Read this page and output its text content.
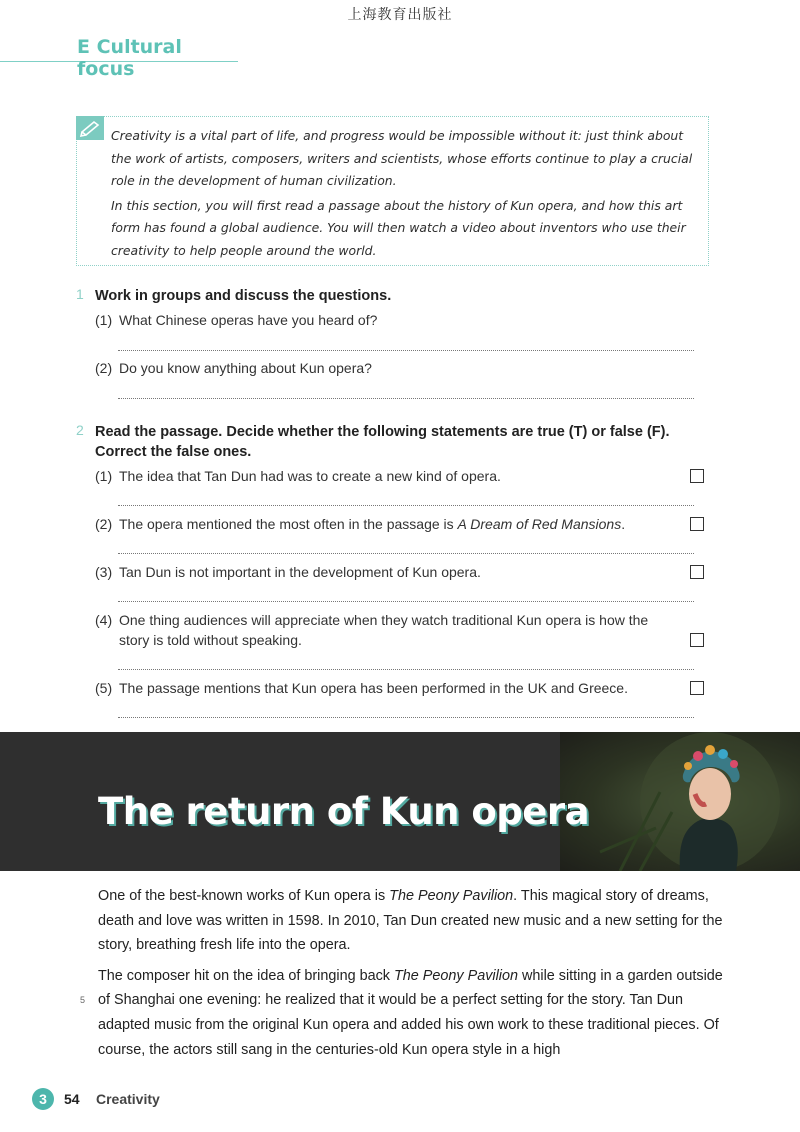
上海教育出版社
E Cultural focus

Creativity is a vital part of life, and progress would be impossible without it: just think about the work of artists, composers, writers and scientists, whose efforts continue to play a crucial role in the development of human civilization.

In this section, you will first read a passage about the history of Kun opera, and how this art form has found a global audience. You will then watch a video about inventors who use their creativity to help people around the world.

1 Work in groups and discuss the questions.
(1) What Chinese operas have you heard of?
(2) Do you know anything about Kun opera?
2 Read the passage. Decide whether the following statements are true (T) or false (F). Correct the false ones.
(1) The idea that Tan Dun had was to create a new kind of opera.
(2) The opera mentioned the most often in the passage is A Dream of Red Mansions.
(3) Tan Dun is not important in the development of Kun opera.
(4) One thing audiences will appreciate when they watch traditional Kun opera is how the story is told without speaking.
(5) The passage mentions that Kun opera has been performed in the UK and Greece.
The return of Kun opera

One of the best-known works of Kun opera is The Peony Pavilion. This magical story of dreams, death and love was written in 1598. In 2010, Tan Dun created new music and a new setting for the story, breathing fresh life into the opera.

The composer hit on the idea of bringing back The Peony Pavilion while sitting in a garden outside of Shanghai one evening: he realized that it would be a perfect setting for the story. Tan Dun adapted music from the original Kun opera and added his own work to these traditional pieces. Of course, the actors still sang in the centuries-old Kun opera style in a high

5
3	54 Creativity
